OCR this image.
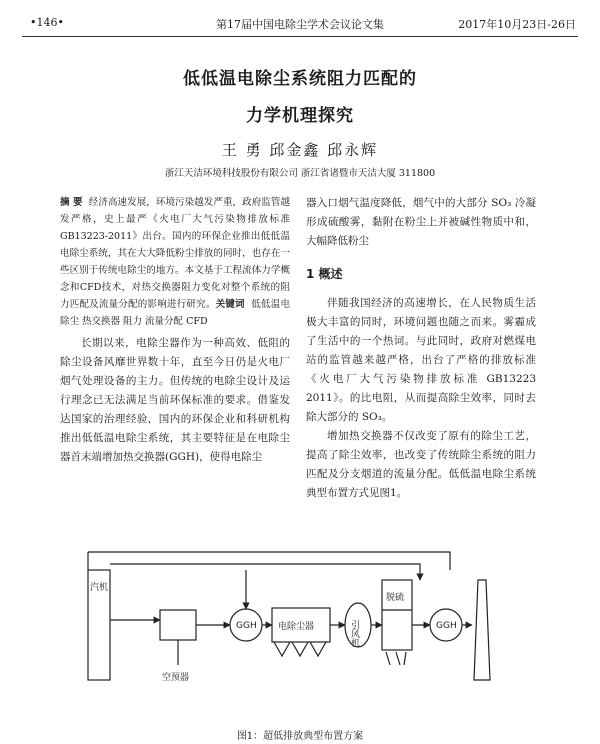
•146•	第17届中国电除尘学术会议论文集	2017年10月23日-26日
低低温电除尘系统阻力匹配的
力学机理探究
王 勇 邱金鑫 邱永辉
浙江天洁环境科技股份有限公司 浙江省诸暨市天洁大厦 311800

摘 要 经济高速发展，环境污染越发严重，政府监管越发严格，史上最严《火电厂大气污染物排放标准 GB13223-2011》出台。国内的环保企业推出低低温电除尘系统，其在大大降低粉尘排放的同时，也存在一些区别于传统电除尘的地方。本文基于工程流体力学概念和CFD技术，对热交换器阻力变化对整个系统的阻力匹配及流量分配的影响进行研究。关键词 低低温电除尘 热交换器 阻力 流量分配 CFD

长期以来，电除尘器作为一种高效、低阻的除尘设备风靡世界数十年，直至今日仍是火电厂烟气处理设备的主力。但传统的电除尘设计及运行理念已无法满足当前环保标准的要求。借鉴发达国家的治理经验，国内的环保企业和科研机构推出低低温电除尘系统，其主要特征是在电除尘器首末端增加热交换器(GGH)，使得电除尘

器入口烟气温度降低，烟气中的大部分 SO₃ 冷凝形成硫酸雾，黏附在粉尘上并被碱性物质中和，大幅降低粉尘

1 概述

伴随我国经济的高速增长，在人民物质生活极大丰富的同时，环境问题也随之而来。雾霾成了生活中的一个热词。与此同时，政府对燃煤电站的监管越来越严格，出台了严格的排放标准《火电厂大气污染物排放标准 GB13223 2011》。的比电阻，从而提高除尘效率，同时去除大部分的 SO₃。

增加热交换器不仅改变了原有的除尘工艺，提高了除尘效率，也改变了传统除尘系统的阻力匹配及分支烟道的流量分配。低低温电除尘系统典型布置方式见图1。

汽机
空预器
GGH 电除尘器	引风机
脱硫
GGH
图1：超低排放典型布置方案
